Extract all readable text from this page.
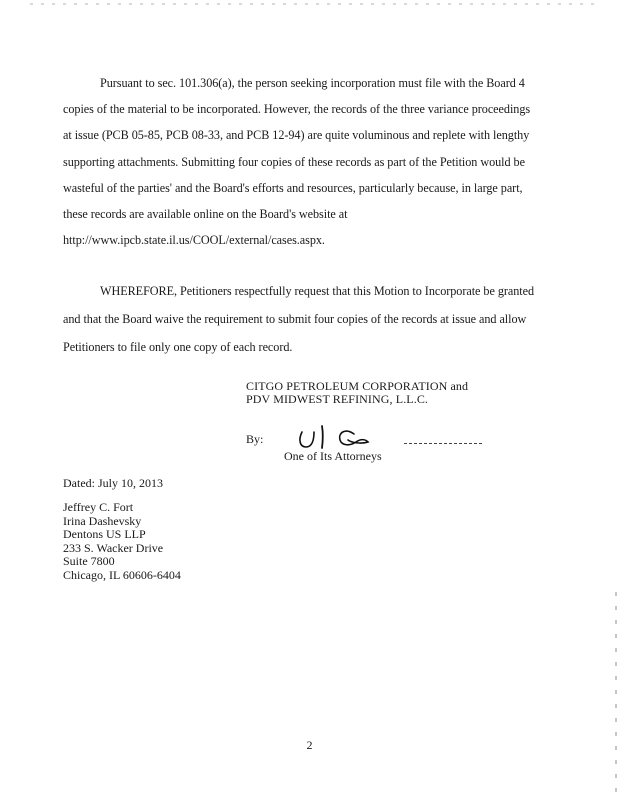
Pursuant to sec. 101.306(a), the person seeking incorporation must file with the Board 4
copies of the material to be incorporated. However, the records of the three variance proceedings
at issue (PCB 05-85, PCB 08-33, and PCB 12-94) are quite voluminous and replete with lengthy
supporting attachments. Submitting four copies of these records as part of the Petition would be
wasteful of the parties' and the Board's efforts and resources, particularly because, in large part,
these records are available online on the Board's website at
http://www.ipcb.state.il.us/COOL/external/cases.aspx.
WHEREFORE, Petitioners respectfully request that this Motion to Incorporate be granted
and that the Board waive the requirement to submit four copies of the records at issue and allow
Petitioners to file only one copy of each record.
CITGO PETROLEUM CORPORATION and
PDV MIDWEST REFINING, L.L.C.
By:
One of Its Attorneys
Dated: July 10, 2013
Jeffrey C. Fort
Irina Dashevsky
Dentons US LLP
233 S. Wacker Drive
Suite 7800
Chicago, IL 60606-6404
2
